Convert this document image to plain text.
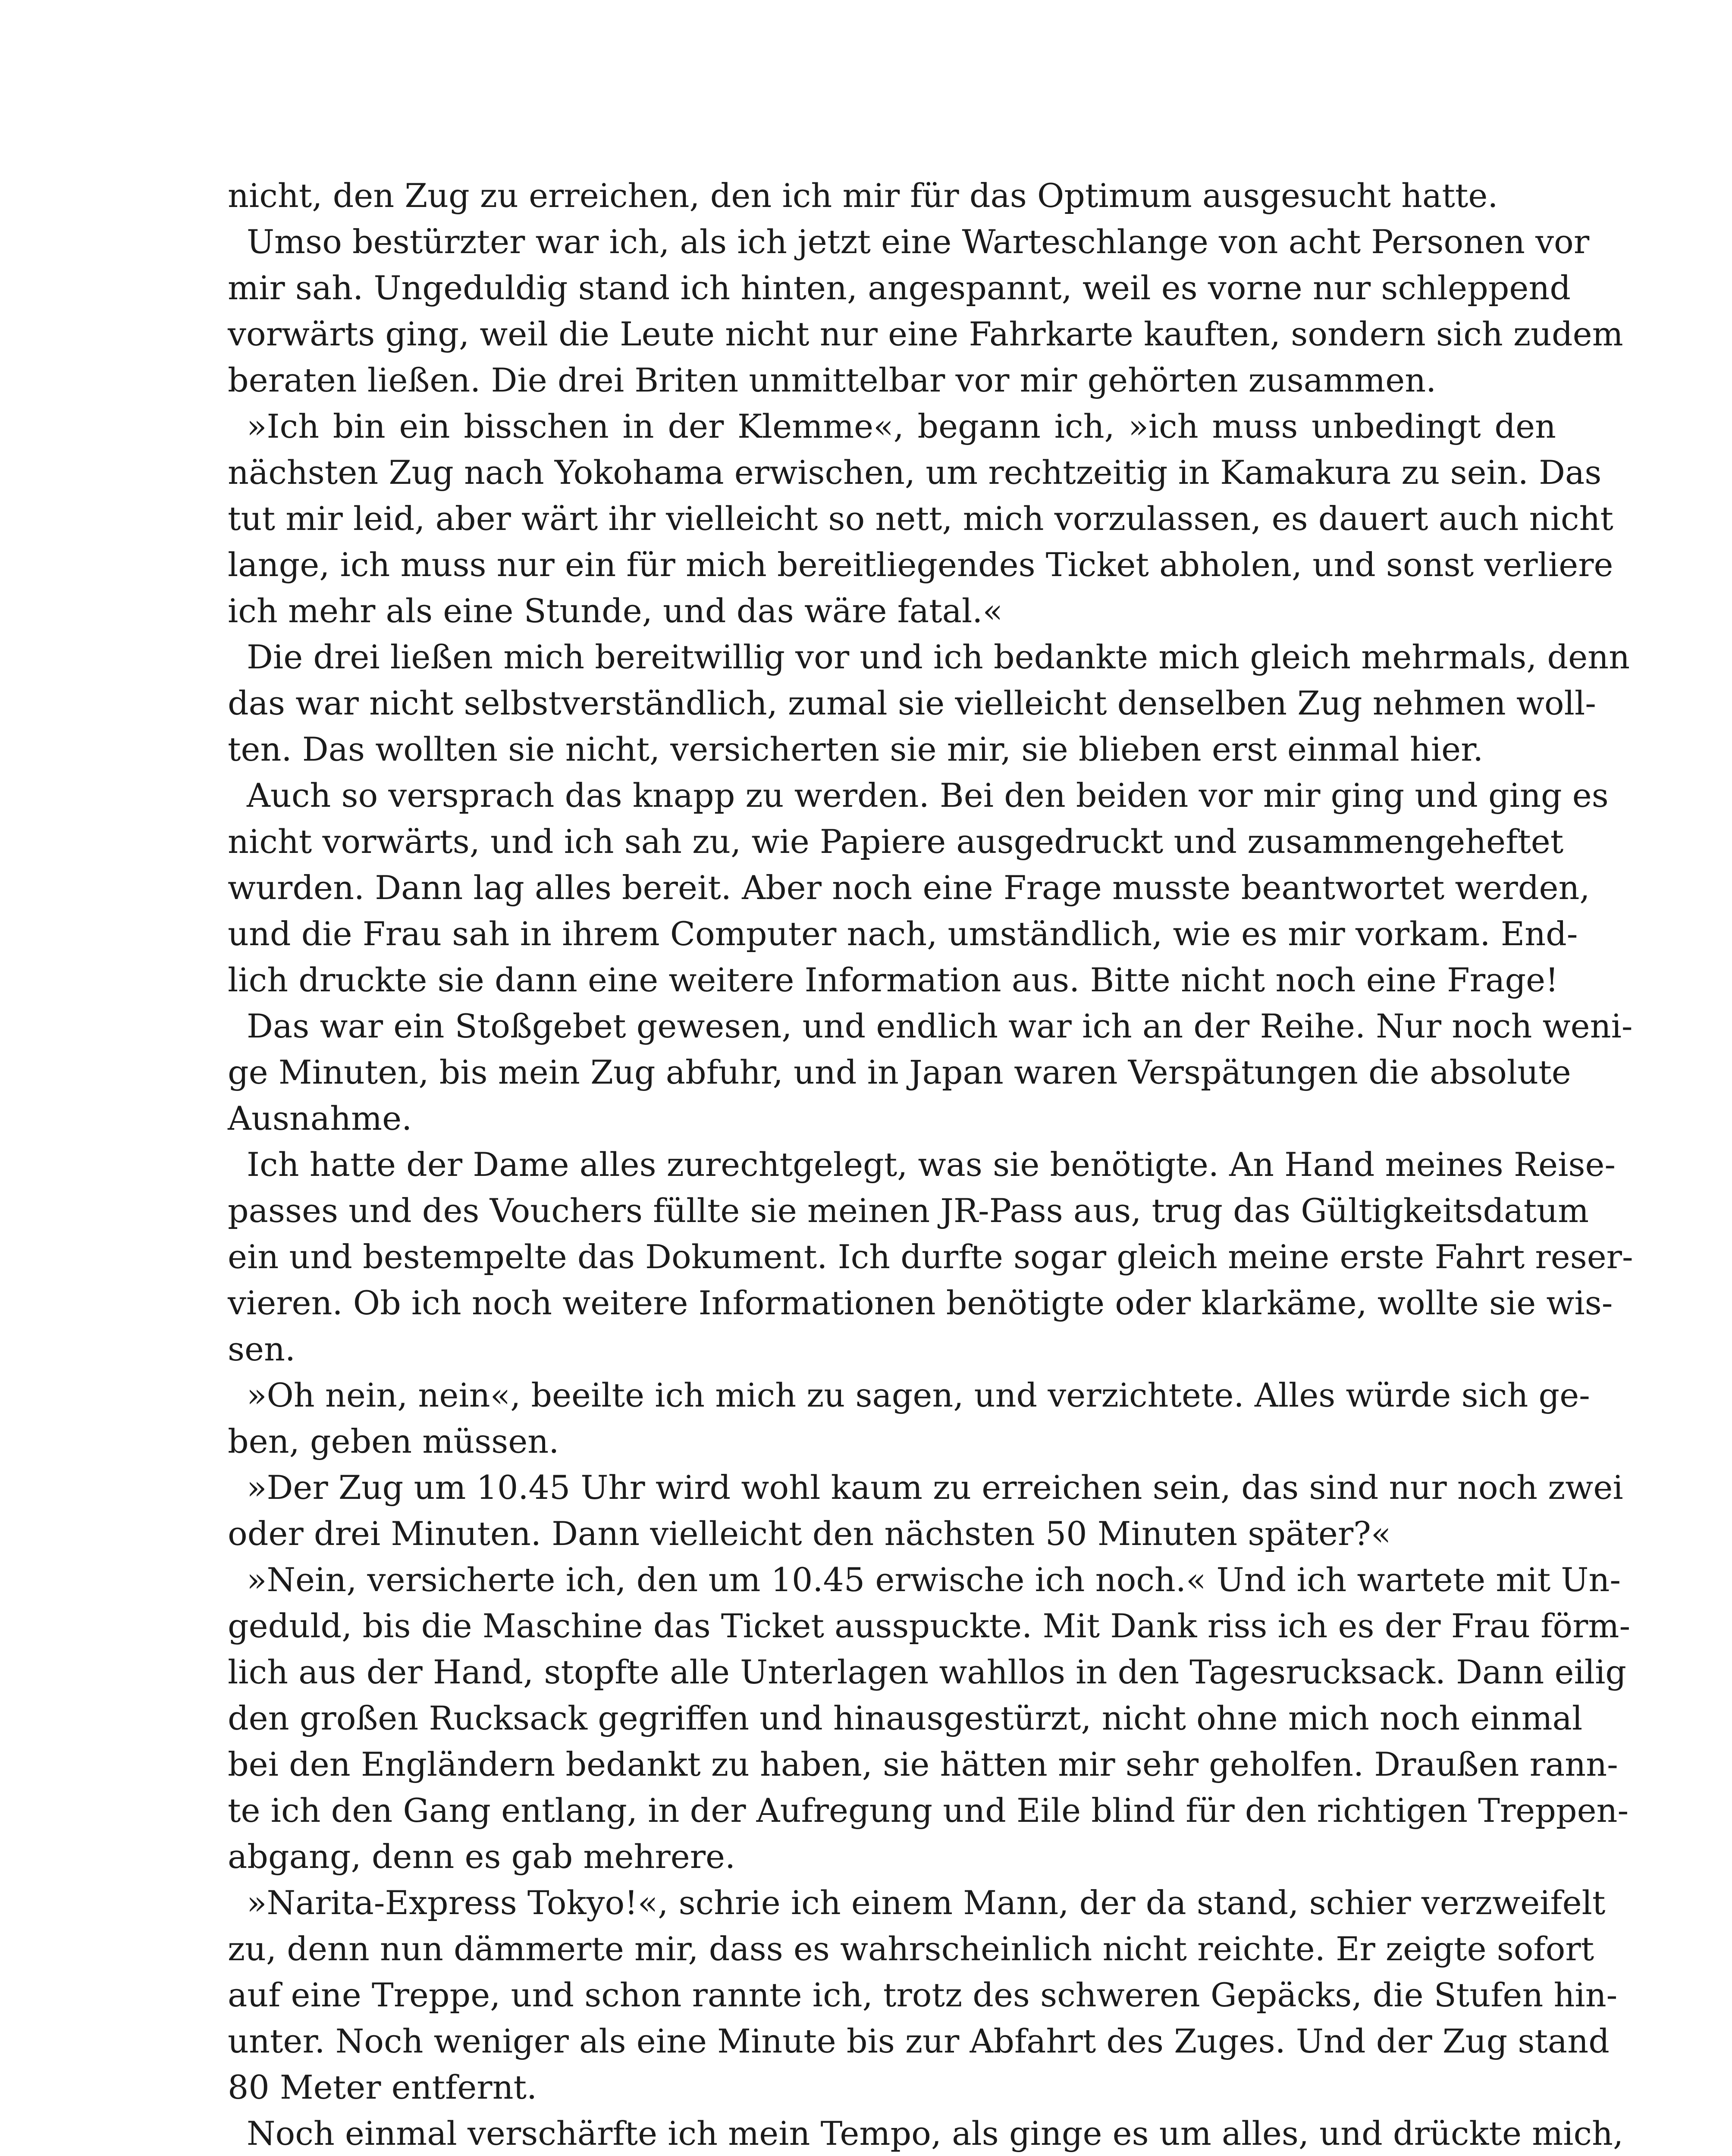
nicht, den Zug zu erreichen, den ich mir für das Optimum ausgesucht hatte.
Umso bestürzter war ich, als ich jetzt eine Warteschlange von acht Personen vor
mir sah. Ungeduldig stand ich hinten, angespannt, weil es vorne nur schleppend
vorwärts ging, weil die Leute nicht nur eine Fahrkarte kauften, sondern sich zudem
beraten ließen. Die drei Briten unmittelbar vor mir gehörten zusammen.
»Ich bin ein bisschen in der Klemme«, begann ich, »ich muss unbedingt den
nächsten Zug nach Yokohama erwischen, um rechtzeitig in Kamakura zu sein. Das
tut mir leid, aber wärt ihr vielleicht so nett, mich vorzulassen, es dauert auch nicht
lange, ich muss nur ein für mich bereitliegendes Ticket abholen, und sonst verliere
ich mehr als eine Stunde, und das wäre fatal.«
Die drei ließen mich bereitwillig vor und ich bedankte mich gleich mehrmals, denn
das war nicht selbstverständlich, zumal sie vielleicht denselben Zug nehmen woll-
ten. Das wollten sie nicht, versicherten sie mir, sie blieben erst einmal hier.
Auch so versprach das knapp zu werden. Bei den beiden vor mir ging und ging es
nicht vorwärts, und ich sah zu, wie Papiere ausgedruckt und zusammengeheftet
wurden. Dann lag alles bereit. Aber noch eine Frage musste beantwortet werden,
und die Frau sah in ihrem Computer nach, umständlich, wie es mir vorkam. End-
lich druckte sie dann eine weitere Information aus. Bitte nicht noch eine Frage!
Das war ein Stoßgebet gewesen, und endlich war ich an der Reihe. Nur noch weni-
ge Minuten, bis mein Zug abfuhr, und in Japan waren Verspätungen die absolute
Ausnahme.
Ich hatte der Dame alles zurechtgelegt, was sie benötigte. An Hand meines Reise-
passes und des Vouchers füllte sie meinen JR-Pass aus, trug das Gültigkeitsdatum
ein und bestempelte das Dokument. Ich durfte sogar gleich meine erste Fahrt reser-
vieren. Ob ich noch weitere Informationen benötigte oder klarkäme, wollte sie wis-
sen.
»Oh nein, nein«, beeilte ich mich zu sagen, und verzichtete. Alles würde sich ge-
ben, geben müssen.
»Der Zug um 10.45 Uhr wird wohl kaum zu erreichen sein, das sind nur noch zwei
oder drei Minuten. Dann vielleicht den nächsten 50 Minuten später?«
»Nein, versicherte ich, den um 10.45 erwische ich noch.« Und ich wartete mit Un-
geduld, bis die Maschine das Ticket ausspuckte. Mit Dank riss ich es der Frau förm-
lich aus der Hand, stopfte alle Unterlagen wahllos in den Tagesrucksack. Dann eilig
den großen Rucksack gegriffen und hinausgestürzt, nicht ohne mich noch einmal
bei den Engländern bedankt zu haben, sie hätten mir sehr geholfen. Draußen rann-
te ich den Gang entlang, in der Aufregung und Eile blind für den richtigen Treppen-
abgang, denn es gab mehrere.
»Narita-Express Tokyo!«, schrie ich einem Mann, der da stand, schier verzweifelt
zu, denn nun dämmerte mir, dass es wahrscheinlich nicht reichte. Er zeigte sofort
auf eine Treppe, und schon rannte ich, trotz des schweren Gepäcks, die Stufen hin-
unter. Noch weniger als eine Minute bis zur Abfahrt des Zuges. Und der Zug stand
80 Meter entfernt.
Noch einmal verschärfte ich mein Tempo, als ginge es um alles, und drückte mich,
